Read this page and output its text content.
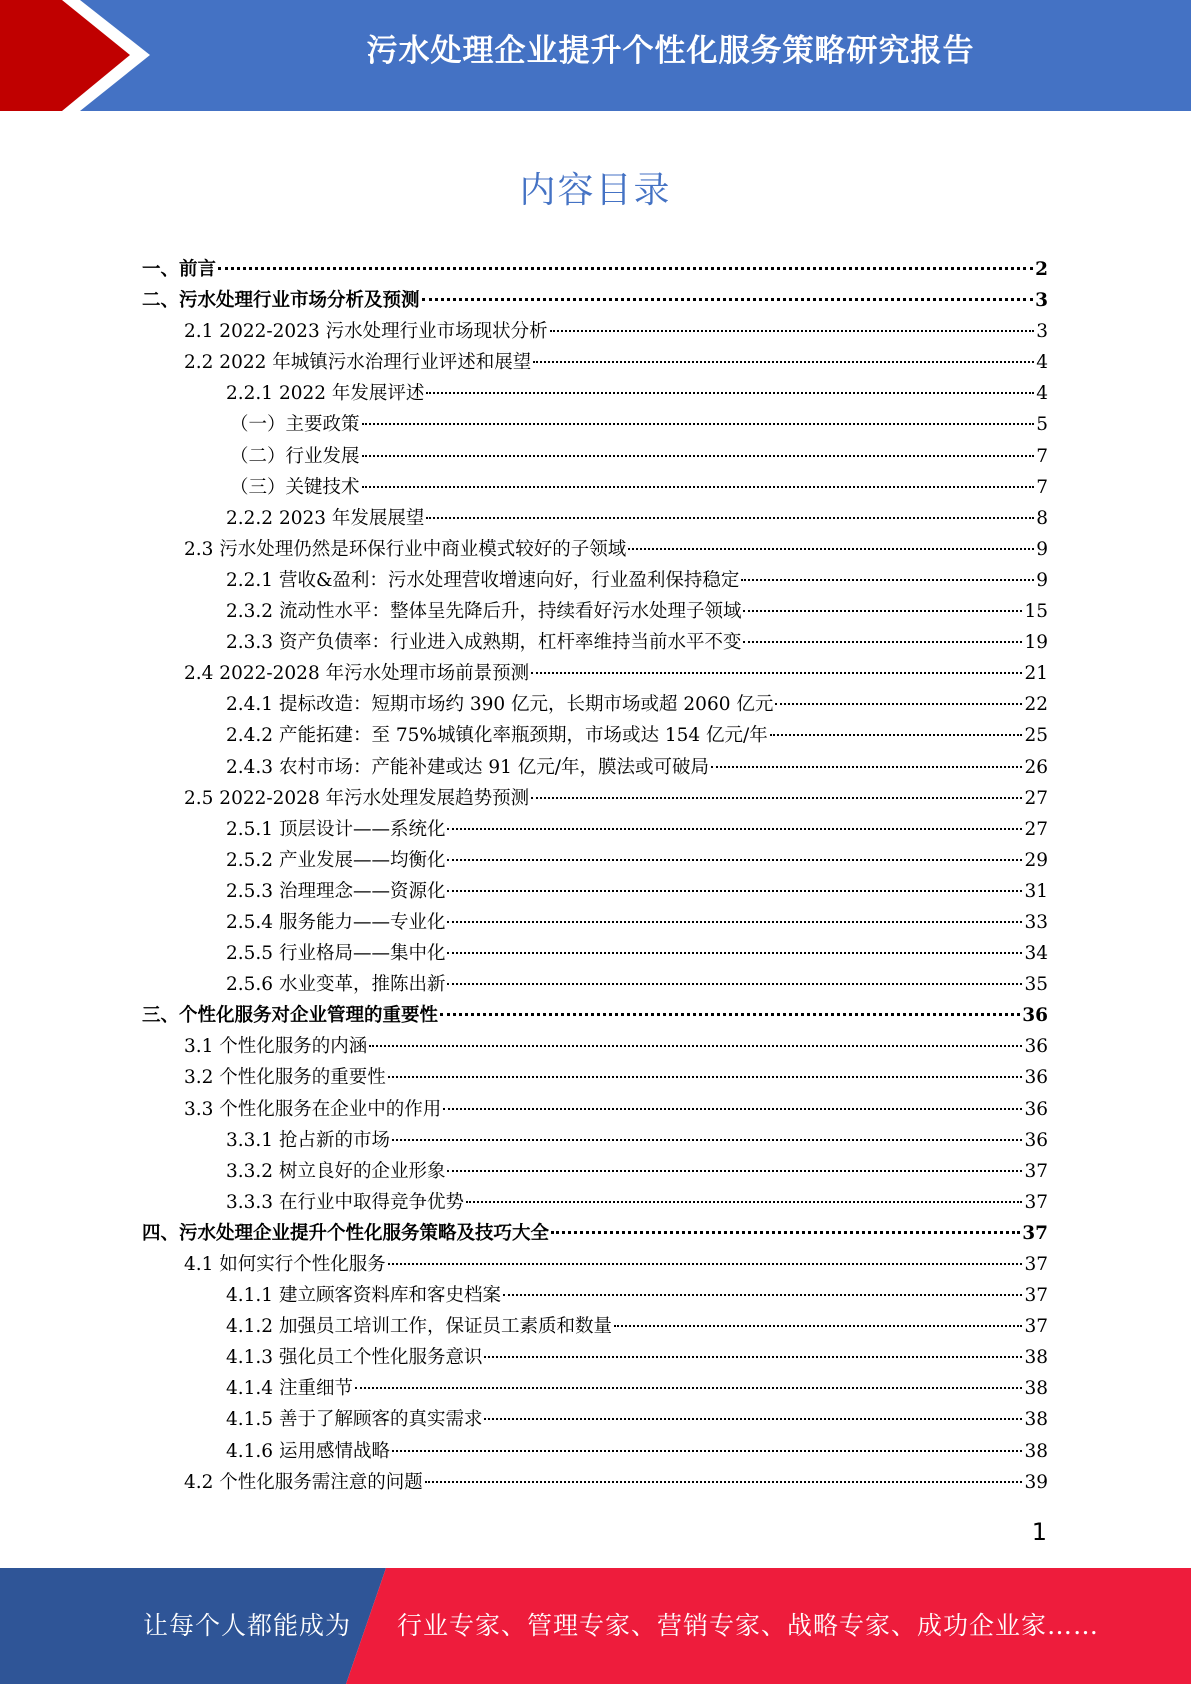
污水处理企业提升个性化服务策略研究报告
内容目录
一、前言	2
二、污水处理行业市场分析及预测	3
2.1 2022-2023 污水处理行业市场现状分析	3
2.2 2022 年城镇污水治理行业评述和展望	4
2.2.1 2022 年发展评述	4
（一）主要政策	5
（二）行业发展	7
（三）关键技术	7
2.2.2 2023 年发展展望	8
2.3 污水处理仍然是环保行业中商业模式较好的子领域	9
2.2.1 营收&盈利：污水处理营收增速向好，行业盈利保持稳定	9
2.3.2 流动性水平：整体呈先降后升，持续看好污水处理子领域	15
2.3.3 资产负债率：行业进入成熟期，杠杆率维持当前水平不变	19
2.4 2022-2028 年污水处理市场前景预测	21
2.4.1 提标改造：短期市场约 390 亿元，长期市场或超 2060 亿元	22
2.4.2 产能拓建：至 75%城镇化率瓶颈期，市场或达 154 亿元/年	25
2.4.3 农村市场：产能补建或达 91 亿元/年，膜法或可破局	26
2.5 2022-2028 年污水处理发展趋势预测	27
2.5.1 顶层设计——系统化	27
2.5.2 产业发展——均衡化	29
2.5.3 治理理念——资源化	31
2.5.4 服务能力——专业化	33
2.5.5 行业格局——集中化	34
2.5.6 水业变革，推陈出新	35
三、个性化服务对企业管理的重要性	36
3.1 个性化服务的内涵	36
3.2 个性化服务的重要性	36
3.3 个性化服务在企业中的作用	36
3.3.1 抢占新的市场	36
3.3.2 树立良好的企业形象	37
3.3.3 在行业中取得竞争优势	37
四、污水处理企业提升个性化服务策略及技巧大全	37
4.1 如何实行个性化服务	37
4.1.1 建立顾客资料库和客史档案	37
4.1.2 加强员工培训工作，保证员工素质和数量	37
4.1.3 强化员工个性化服务意识	38
4.1.4 注重细节	38
4.1.5 善于了解顾客的真实需求	38
4.1.6 运用感情战略	38
4.2 个性化服务需注意的问题	39
1
让每个人都能成为 行业专家、管理专家、营销专家、战略专家、成功企业家……
